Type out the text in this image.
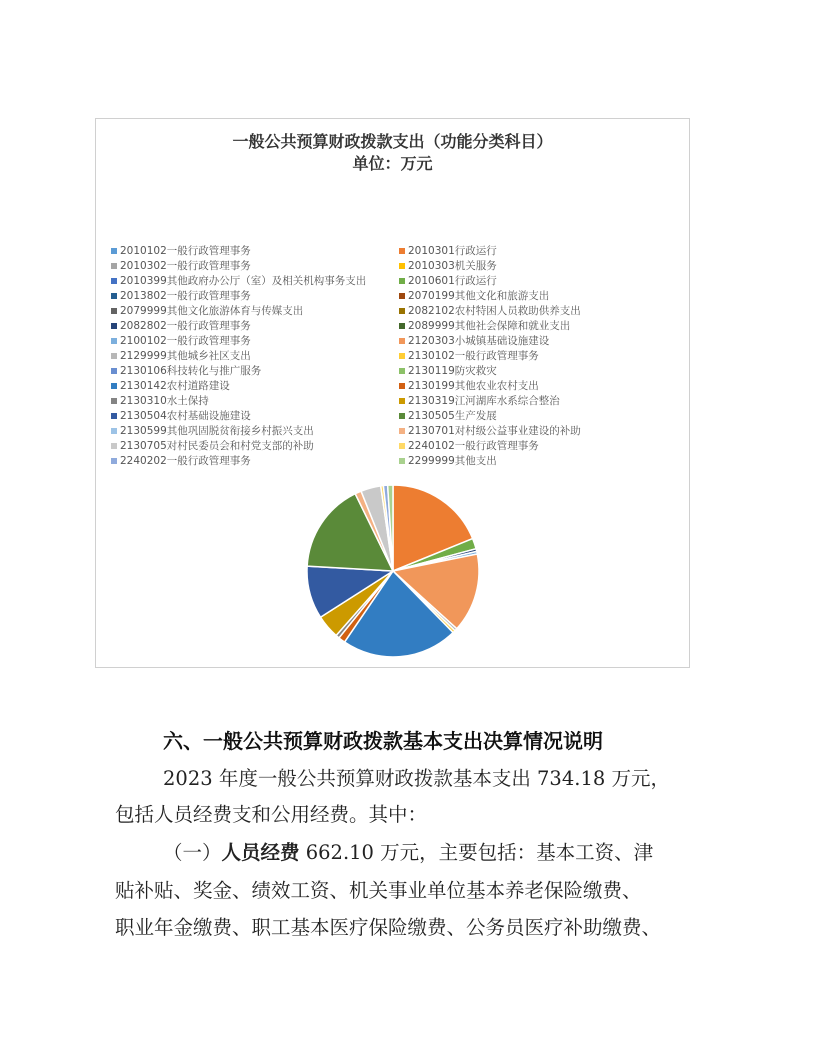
一般公共预算财政拨款支出（功能分类科目）
单位：万元
2010102一般行政管理事务	2010301行政运行
2010302一般行政管理事务	2010303机关服务
2010399其他政府办公厅（室）及相关机构事务支出	2010601行政运行
2013802一般行政管理事务	2070199其他文化和旅游支出
2079999其他文化旅游体育与传媒支出	2082102农村特困人员救助供养支出
2082802一般行政管理事务	2089999其他社会保障和就业支出
2100102一般行政管理事务	2120303小城镇基础设施建设
2129999其他城乡社区支出	2130102一般行政管理事务
2130106科技转化与推广服务	2130119防灾救灾
2130142农村道路建设	2130199其他农业农村支出
2130310水土保持	2130319江河湖库水系综合整治
2130504农村基础设施建设	2130505生产发展
2130599其他巩固脱贫衔接乡村振兴支出	2130701对村级公益事业建设的补助
2130705对村民委员会和村党支部的补助	2240102一般行政管理事务
2240202一般行政管理事务	2299999其他支出
六、一般公共预算财政拨款基本支出决算情况说明
2023 年度一般公共预算财政拨款基本支出 734.18 万元，
包括人员经费支和公用经费。其中：
（一）人员经费 662.10 万元，主要包括：基本工资、津
贴补贴、奖金、绩效工资、机关事业单位基本养老保险缴费、
职业年金缴费、职工基本医疗保险缴费、公务员医疗补助缴费、
